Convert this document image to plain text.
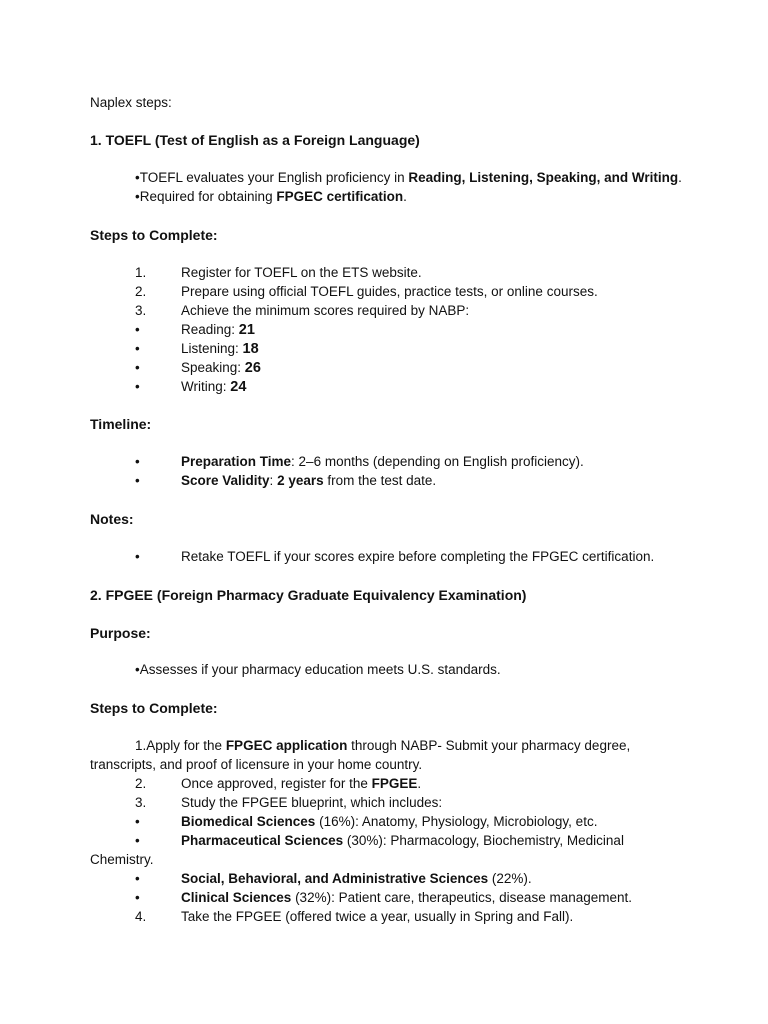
Naplex steps:
1. TOEFL (Test of English as a Foreign Language)
•TOEFL evaluates your English proficiency in Reading, Listening, Speaking, and Writing.
•Required for obtaining FPGEC certification.
Steps to Complete:
1.	Register for TOEFL on the ETS website.
2.	Prepare using official TOEFL guides, practice tests, or online courses.
3.	Achieve the minimum scores required by NABP:
•	Reading: 21
•	Listening: 18
•	Speaking: 26
•	Writing: 24
Timeline:
•	Preparation Time: 2–6 months (depending on English proficiency).
•	Score Validity: 2 years from the test date.
Notes:
•	Retake TOEFL if your scores expire before completing the FPGEC certification.
2. FPGEE (Foreign Pharmacy Graduate Equivalency Examination)
Purpose:
•Assesses if your pharmacy education meets U.S. standards.
Steps to Complete:
1.Apply for the FPGEC application through NABP- Submit your pharmacy degree,
transcripts, and proof of licensure in your home country.
2.	Once approved, register for the FPGEE.
3.	Study the FPGEE blueprint, which includes:
•	Biomedical Sciences (16%): Anatomy, Physiology, Microbiology, etc.
•	Pharmaceutical Sciences (30%): Pharmacology, Biochemistry, Medicinal
Chemistry.
•	Social, Behavioral, and Administrative Sciences (22%).
•	Clinical Sciences (32%): Patient care, therapeutics, disease management.
4.	Take the FPGEE (offered twice a year, usually in Spring and Fall).
